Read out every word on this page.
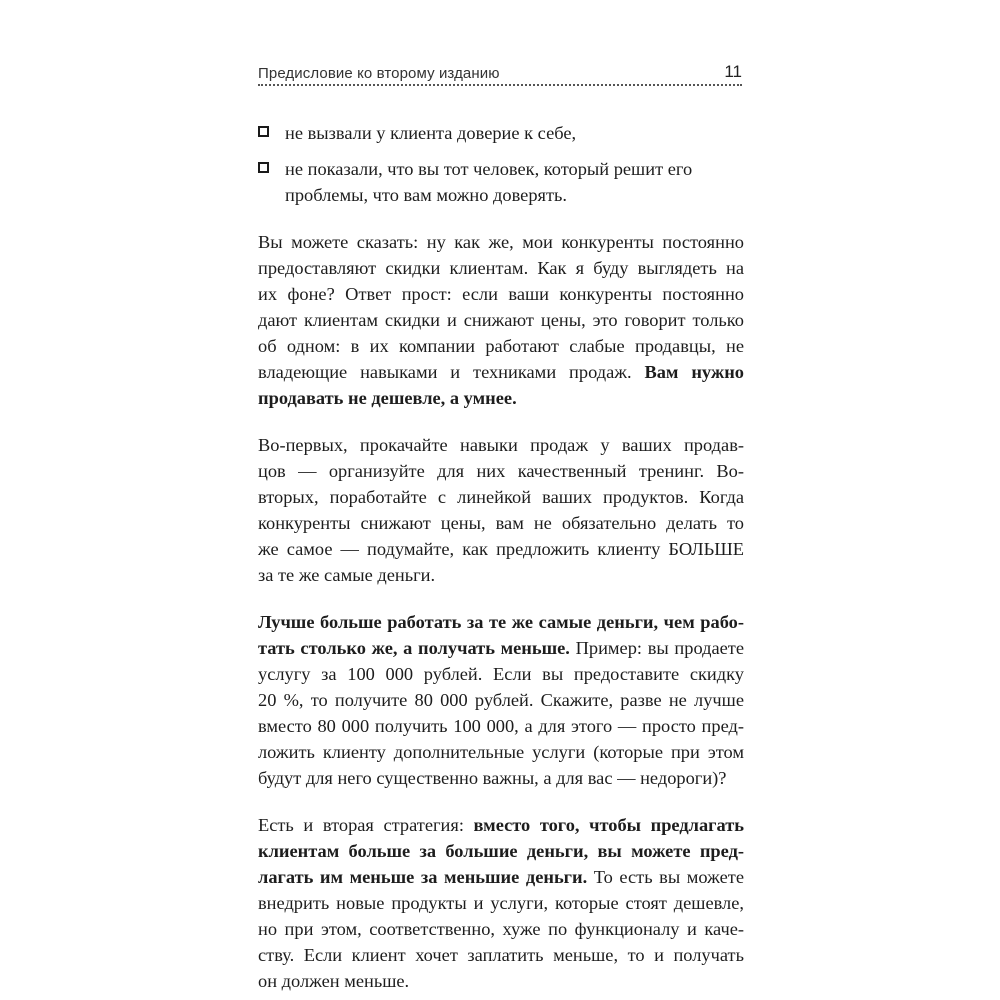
Предисловие ко второму изданию	11
не вызвали у клиента доверие к себе,
не показали, что вы тот человек, который решит его
проблемы, что вам можно доверять.
Вы можете сказать: ну как же, мои конкуренты постоянно
предоставляют скидки клиентам. Как я буду выглядеть на
их фоне? Ответ прост: если ваши конкуренты постоянно
дают клиентам скидки и снижают цены, это говорит только
об одном: в их компании работают слабые продавцы, не
владеющие навыками и техниками продаж. Вам нужно
продавать не дешевле, а умнее.
Во-первых, прокачайте навыки продаж у ваших продав-
цов — организуйте для них качественный тренинг. Во-
вторых, поработайте с линейкой ваших продуктов. Когда
конкуренты снижают цены, вам не обязательно делать то
же самое — подумайте, как предложить клиенту БОЛЬШЕ
за те же самые деньги.
Лучше больше работать за те же самые деньги, чем рабо-
тать столько же, а получать меньше. Пример: вы продаете
услугу за 100 000 рублей. Если вы предоставите скидку
20 %, то получите 80 000 рублей. Скажите, разве не лучше
вместо 80 000 получить 100 000, а для этого — просто пред-
ложить клиенту дополнительные услуги (которые при этом
будут для него существенно важны, а для вас — недороги)?
Есть и вторая стратегия: вместо того, чтобы предлагать
клиентам больше за большие деньги, вы можете пред-
лагать им меньше за меньшие деньги. То есть вы можете
внедрить новые продукты и услуги, которые стоят дешевле,
но при этом, соответственно, хуже по функционалу и каче-
ству. Если клиент хочет заплатить меньше, то и получать
он должен меньше.
